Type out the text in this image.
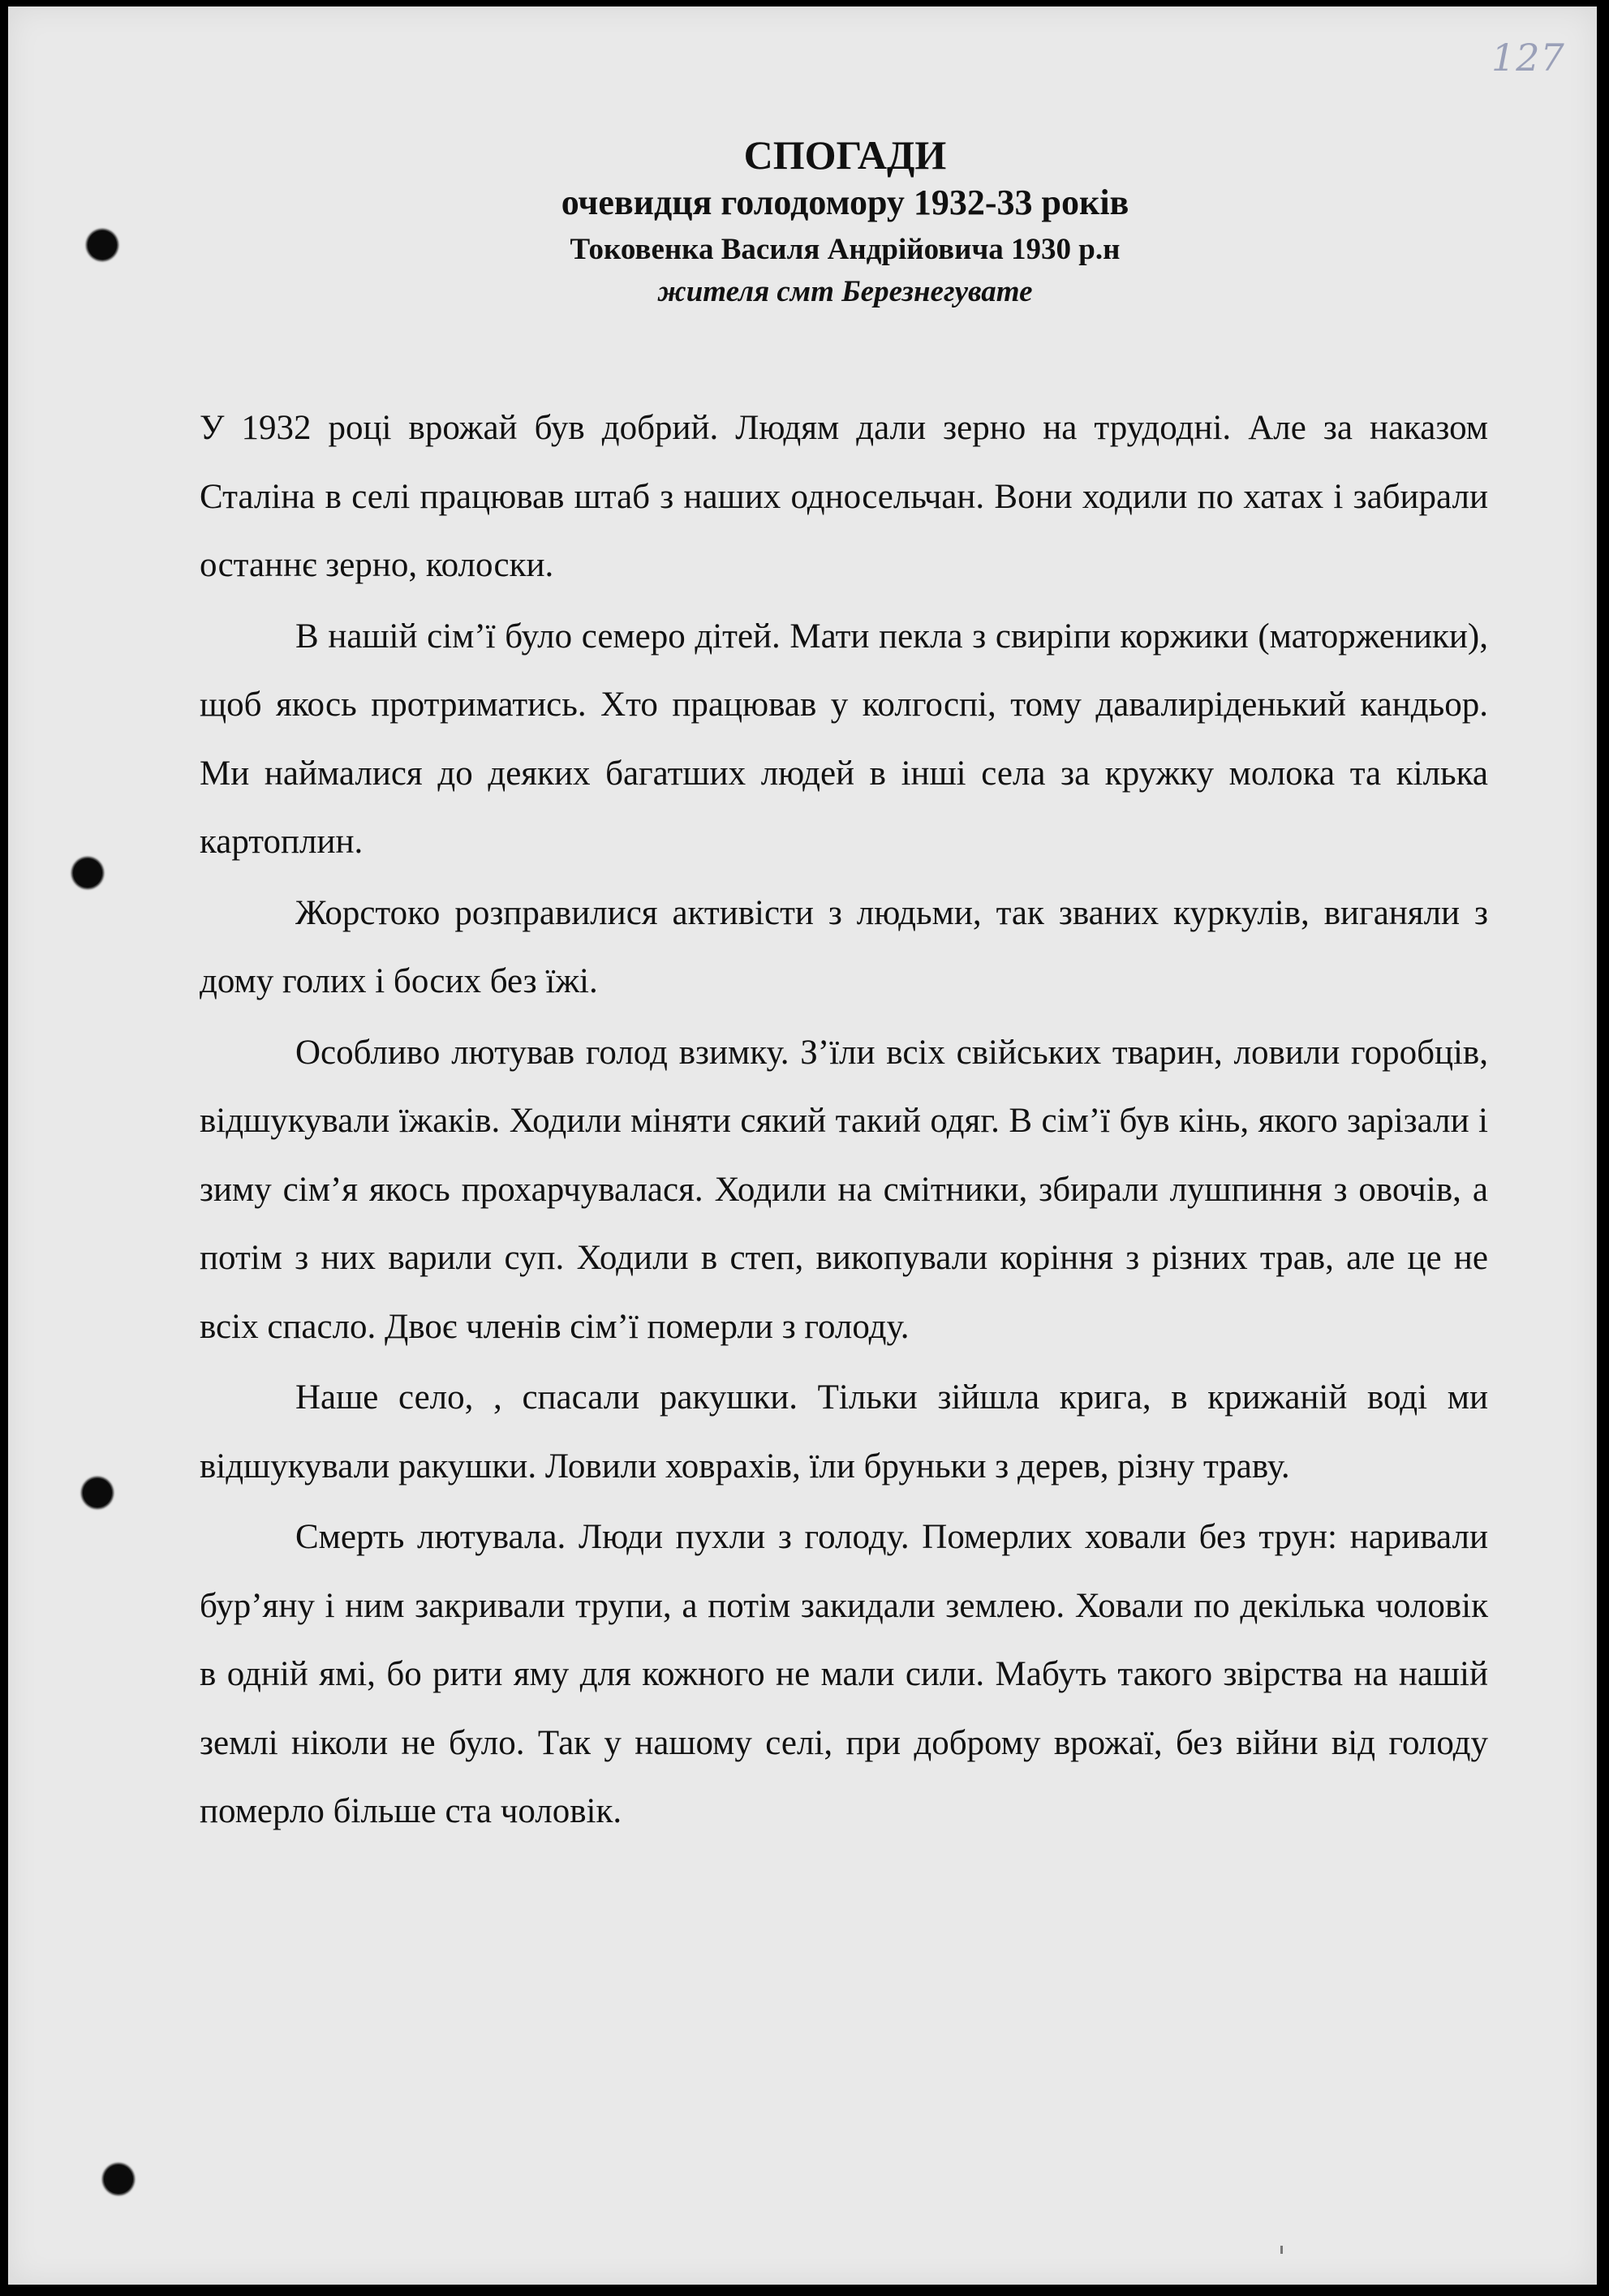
127
СПОГАДИ
очевидця голодомору 1932-33 років
Токовенка Василя Андрійовича 1930 р.н
жителя смт Березнегувате

У 1932 році врожай був добрий. Людям дали зерно на трудодні. Але за наказом Сталіна в селі працював штаб з наших односельчан. Вони ходили по хатах і забирали останнє зерно, колоски.

В нашій сім’ї було семеро дітей. Мати пекла з свиріпи коржики (маторженики), щоб якось протриматись. Хто працював у колгоспі, тому давалиріденький кандьор. Ми наймалися до деяких багатших людей в інші села за кружку молока та кілька картоплин.

Жорстоко розправилися активісти з людьми, так званих куркулів, виганяли з дому голих і босих без їжі.

Особливо лютував голод взимку. З’їли всіх свійських тварин, ловили горобців, відшукували їжаків. Ходили міняти сякий такий одяг. В сім’ї був кінь, якого зарізали і зиму сім’я якось прохарчувалася. Ходили на смітники, збирали лушпиння з овочів, а потім з них варили суп. Ходили в степ, викопували коріння з різних трав, але це не всіх спасло. Двоє членів сім’ї померли з голоду.

Наше село, , спасали ракушки. Тільки зійшла крига, в крижаній воді ми відшукували ракушки. Ловили ховрахів, їли бруньки з дерев, різну траву.

Смерть лютувала. Люди пухли з голоду. Померлих ховали без трун: наривали бур’яну і ним закривали трупи, а потім закидали землею. Ховали по декілька чоловік в одній ямі, бо рити яму для кожного не мали сили. Мабуть такого звірства на нашій землі ніколи не було. Так у нашому селі, при доброму врожаї, без війни від голоду померло більше ста чоловік.
